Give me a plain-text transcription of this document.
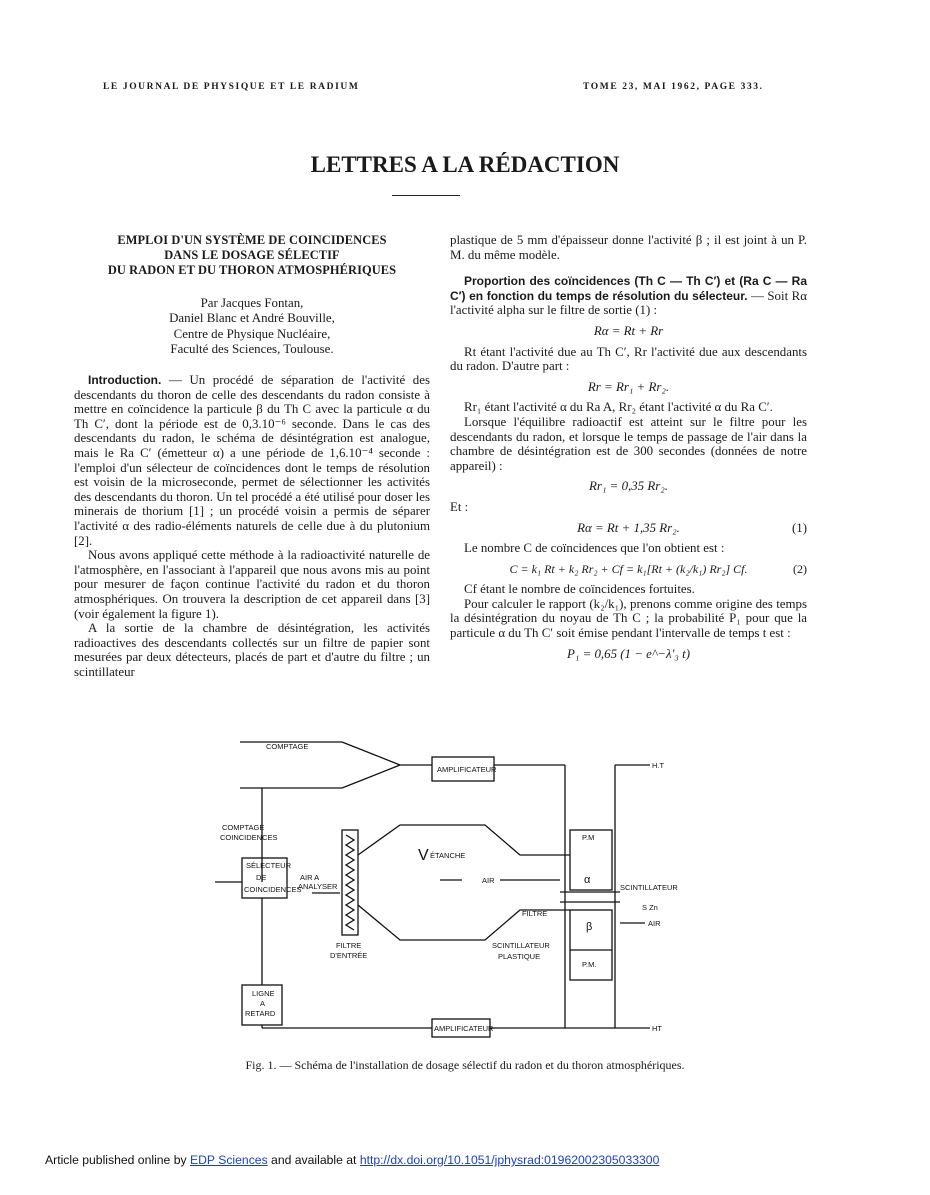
LE JOURNAL DE PHYSIQUE ET LE RADIUM	TOME 23, MAI 1962, PAGE 333.
LETTRES A LA RÉDACTION
EMPLOI D'UN SYSTÈME DE COINCIDENCES
DANS LE DOSAGE SÉLECTIF
DU RADON ET DU THORON ATMOSPHÉRIQUES
Par Jacques Fontan,
Daniel Blanc et André Bouville,
Centre de Physique Nucléaire,
Faculté des Sciences, Toulouse.

Introduction. — Un procédé de séparation de l'activité des descendants du thoron de celle des descendants du radon consiste à mettre en coïncidence la particule β du Th C avec la particule α du Th C′, dont la période est de 0,3.10⁻⁶ seconde. Dans le cas des descendants du radon, le schéma de désintégration est analogue, mais le Ra C′ (émetteur α) a une période de 1,6.10⁻⁴ seconde : l'emploi d'un sélecteur de coïncidences dont le temps de résolution est voisin de la microseconde, permet de sélectionner les activités des descendants du thoron. Un tel procédé a été utilisé pour doser les minerais de thorium [1] ; un procédé voisin a permis de séparer l'activité α des radio-éléments naturels de celle due à du plutonium [2].

Nous avons appliqué cette méthode à la radioactivité naturelle de l'atmosphère, en l'associant à l'appareil que nous avons mis au point pour mesurer de façon continue l'activité du radon et du thoron atmosphériques. On trouvera la description de cet appareil dans [3] (voir également la figure 1).

A la sortie de la chambre de désintégration, les activités radioactives des descendants collectés sur un filtre de papier sont mesurées par deux détecteurs, placés de part et d'autre du filtre ; un scintillateur

plastique de 5 mm d'épaisseur donne l'activité β ; il est joint à un P. M. du même modèle.

Proportion des coïncidences (Th C — Th C′) et (Ra C — Ra C′) en fonction du temps de résolution du sélecteur. — Soit Rα l'activité alpha sur le filtre de sortie (1) :

Rα = Rt + Rr

Rt étant l'activité due au Th C′, Rr l'activité due aux descendants du radon. D'autre part :

Rr = Rr₁ + Rr₂.

Rr₁ étant l'activité α du Ra A, Rr₂ étant l'activité α du Ra C′.

Lorsque l'équilibre radioactif est atteint sur le filtre pour les descendants du radon, et lorsque le temps de passage de l'air dans la chambre de désintégration est de 300 secondes (données de notre appareil) :

Rr₁ = 0,35 Rr₂.

Et :

Rα = Rt + 1,35 Rr₂.	(1)

Le nombre C de coïncidences que l'on obtient est :

C = k₁ Rt + k₂ Rr₂ + Cf = k₁[Rt + (k₂/k₁) Rr₂] Cf.	(2)

Cf étant le nombre de coïncidences fortuites.

Pour calculer le rapport (k₂/k₁), prenons comme origine des temps la désintégration du noyau de Th C ; la probabilité P₁ pour que la particule α du Th C′ soit émise pendant l'intervalle de temps t est :

P₁ = 0,65 (1 − e^−λ′₃ t)
COMPTAGE
AMPLIFICATEUR	H.T
COMPTAGE
COINCIDENCES
SÉLECTEUR
DE
COINCIDENCES
AIR A
ANALYSER
V ÉTANCHE
AIR
P.M
α
SCINTILLATEUR
S Zn
FILTRE
AIR
β
SCINTILLATEUR
PLASTIQUE
P.M.
FILTRE
D'ENTRÉE
LIGNE
A
RETARD
AMPLIFICATEUR	HT
Fig. 1. — Schéma de l'installation de dosage sélectif du radon et du thoron atmosphériques.
Article published online by EDP Sciences and available at http://dx.doi.org/10.1051/jphysrad:01962002305033300
